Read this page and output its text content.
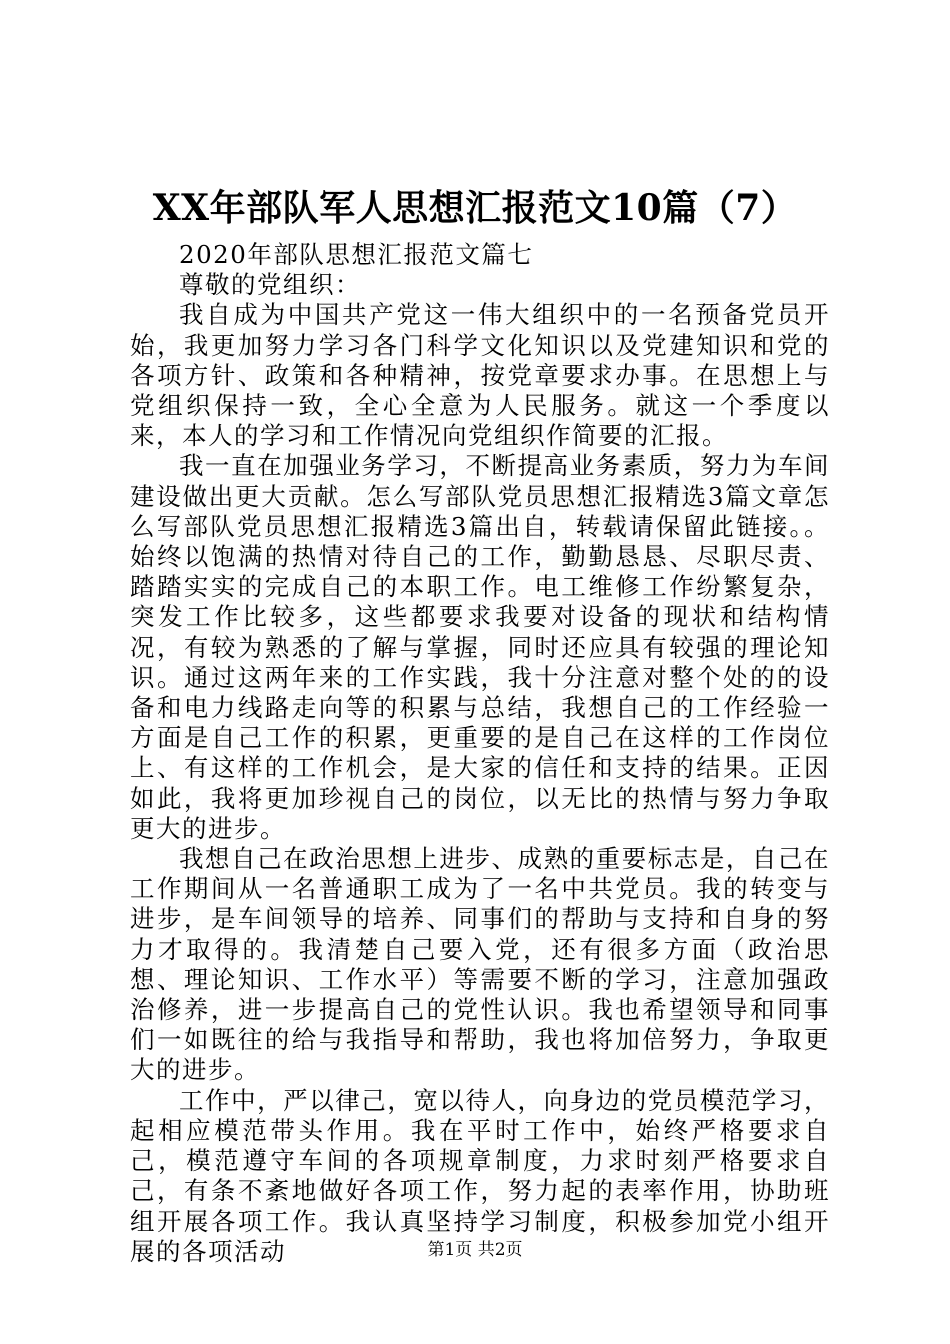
XX年部队军人思想汇报范文10篇（7）

2020年部队思想汇报范文篇七

尊敬的党组织：

我自成为中国共产党这一伟大组织中的一名预备党员开始，我更加努力学习各门科学文化知识以及党建知识和党的各项方针、政策和各种精神，按党章要求办事。在思想上与党组织保持一致，全心全意为人民服务。就这一个季度以来，本人的学习和工作情况向党组织作简要的汇报。

我一直在加强业务学习，不断提高业务素质，努力为车间建设做出更大贡献。怎么写部队党员思想汇报精选3篇文章怎么写部队党员思想汇报精选3篇出自，转载请保留此链接。。始终以饱满的热情对待自己的工作，勤勤恳恳、尽职尽责、踏踏实实的完成自己的本职工作。电工维修工作纷繁复杂，突发工作比较多，这些都要求我要对设备的现状和结构情况，有较为熟悉的了解与掌握，同时还应具有较强的理论知识。通过这两年来的工作实践，我十分注意对整个处的的设备和电力线路走向等的积累与总结，我想自己的工作经验一方面是自己工作的积累，更重要的是自己在这样的工作岗位上、有这样的工作机会，是大家的信任和支持的结果。正因如此，我将更加珍视自己的岗位，以无比的热情与努力争取更大的进步。

我想自己在政治思想上进步、成熟的重要标志是，自己在工作期间从一名普通职工成为了一名中共党员。我的转变与进步，是车间领导的培养、同事们的帮助与支持和自身的努力才取得的。我清楚自己要入党，还有很多方面（政治思想、理论知识、工作水平）等需要不断的学习，注意加强政治修养，进一步提高自己的党性认识。我也希望领导和同事们一如既往的给与我指导和帮助，我也将加倍努力，争取更大的进步。

工作中，严以律己，宽以待人，向身边的党员模范学习，起相应模范带头作用。我在平时工作中，始终严格要求自己，模范遵守车间的各项规章制度，力求时刻严格要求自己，有条不紊地做好各项工作，努力起的表率作用，协助班组开展各项工作。我认真坚持学习制度，积极参加党小组开展的各项活动	第1页 共2页
